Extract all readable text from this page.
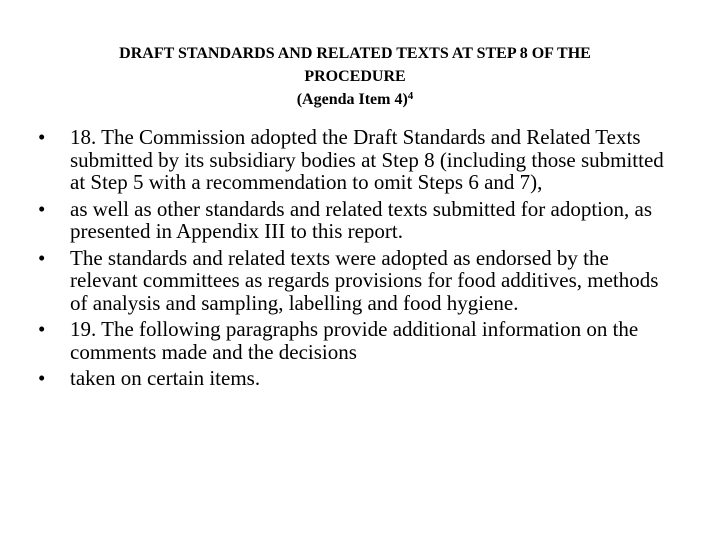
DRAFT STANDARDS AND RELATED TEXTS AT STEP 8 OF THE
PROCEDURE
(Agenda Item 4)$^4$
• 18. The Commission adopted the Draft Standards and Related Texts submitted by its subsidiary bodies at Step 8 (including those submitted at Step 5 with a recommendation to omit Steps 6 and 7),
• as well as other standards and related texts submitted for adoption, as presented in Appendix III to this report.
• The standards and related texts were adopted as endorsed by the relevant committees as regards provisions for food additives, methods of analysis and sampling, labelling and food hygiene.
• 19. The following paragraphs provide additional information on the comments made and the decisions
• taken on certain items.
